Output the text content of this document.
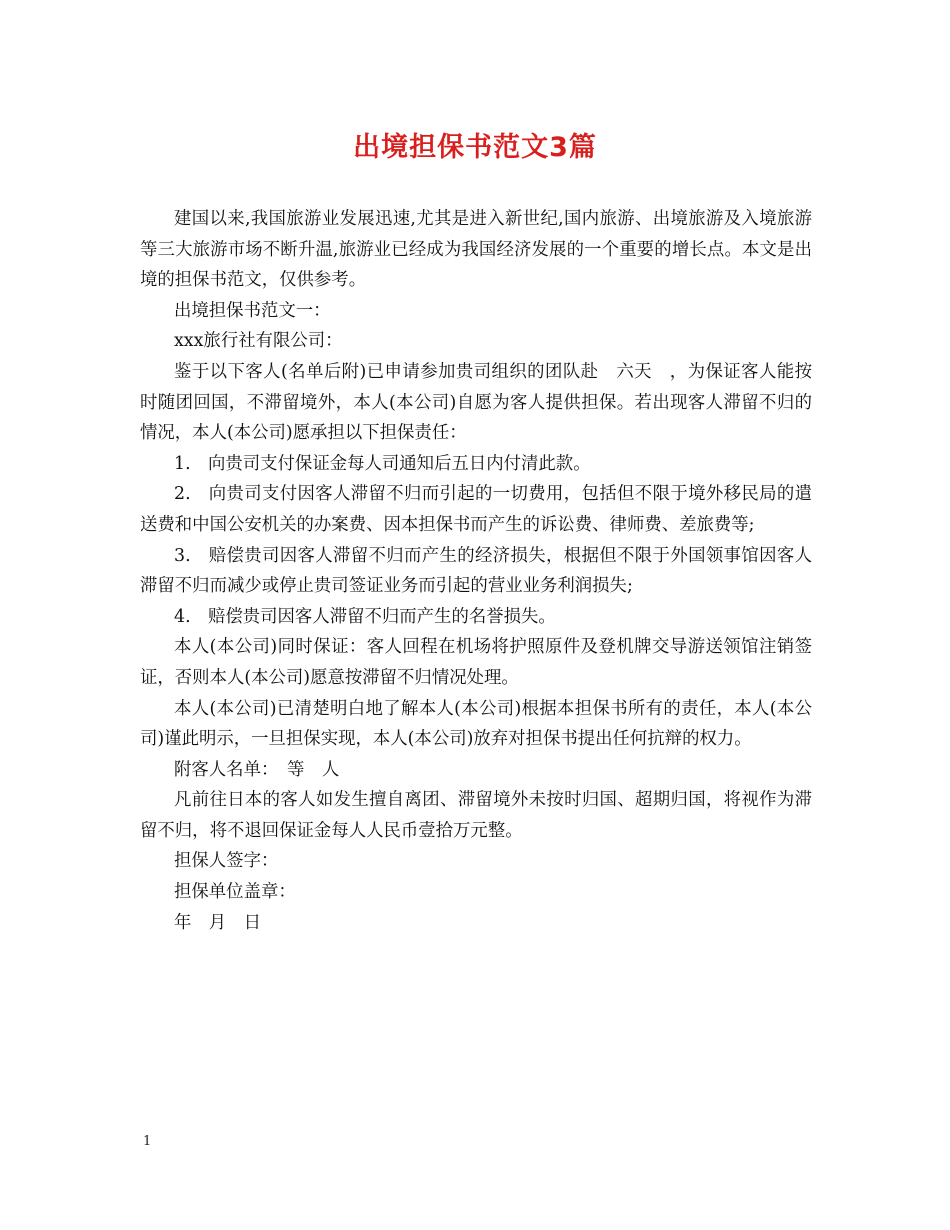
出境担保书范文3篇

建国以来,我国旅游业发展迅速,尤其是进入新世纪,国内旅游、出境旅游及入境旅游等三大旅游市场不断升温,旅游业已经成为我国经济发展的一个重要的增长点。本文是出境的担保书范文，仅供参考。

出境担保书范文一：

xxx旅行社有限公司：

鉴于以下客人(名单后附)已申请参加贵司组织的团队赴　六天　，为保证客人能按时随团回国，不滞留境外，本人(本公司)自愿为客人提供担保。若出现客人滞留不归的情况，本人(本公司)愿承担以下担保责任：

1.　向贵司支付保证金每人司通知后五日内付清此款。

2.　向贵司支付因客人滞留不归而引起的一切费用，包括但不限于境外移民局的遣送费和中国公安机关的办案费、因本担保书而产生的诉讼费、律师费、差旅费等;

3.　赔偿贵司因客人滞留不归而产生的经济损失，根据但不限于外国领事馆因客人滞留不归而减少或停止贵司签证业务而引起的营业业务利润损失;

4.　赔偿贵司因客人滞留不归而产生的名誉损失。

本人(本公司)同时保证：客人回程在机场将护照原件及登机牌交导游送领馆注销签证，否则本人(本公司)愿意按滞留不归情况处理。

本人(本公司)已清楚明白地了解本人(本公司)根据本担保书所有的责任，本人(本公司)谨此明示，一旦担保实现，本人(本公司)放弃对担保书提出任何抗辩的权力。

附客人名单：　等　人

凡前往日本的客人如发生擅自离团、滞留境外未按时归国、超期归国，将视作为滞留不归，将不退回保证金每人人民币壹拾万元整。

担保人签字：

担保单位盖章：

年　月　日

1
